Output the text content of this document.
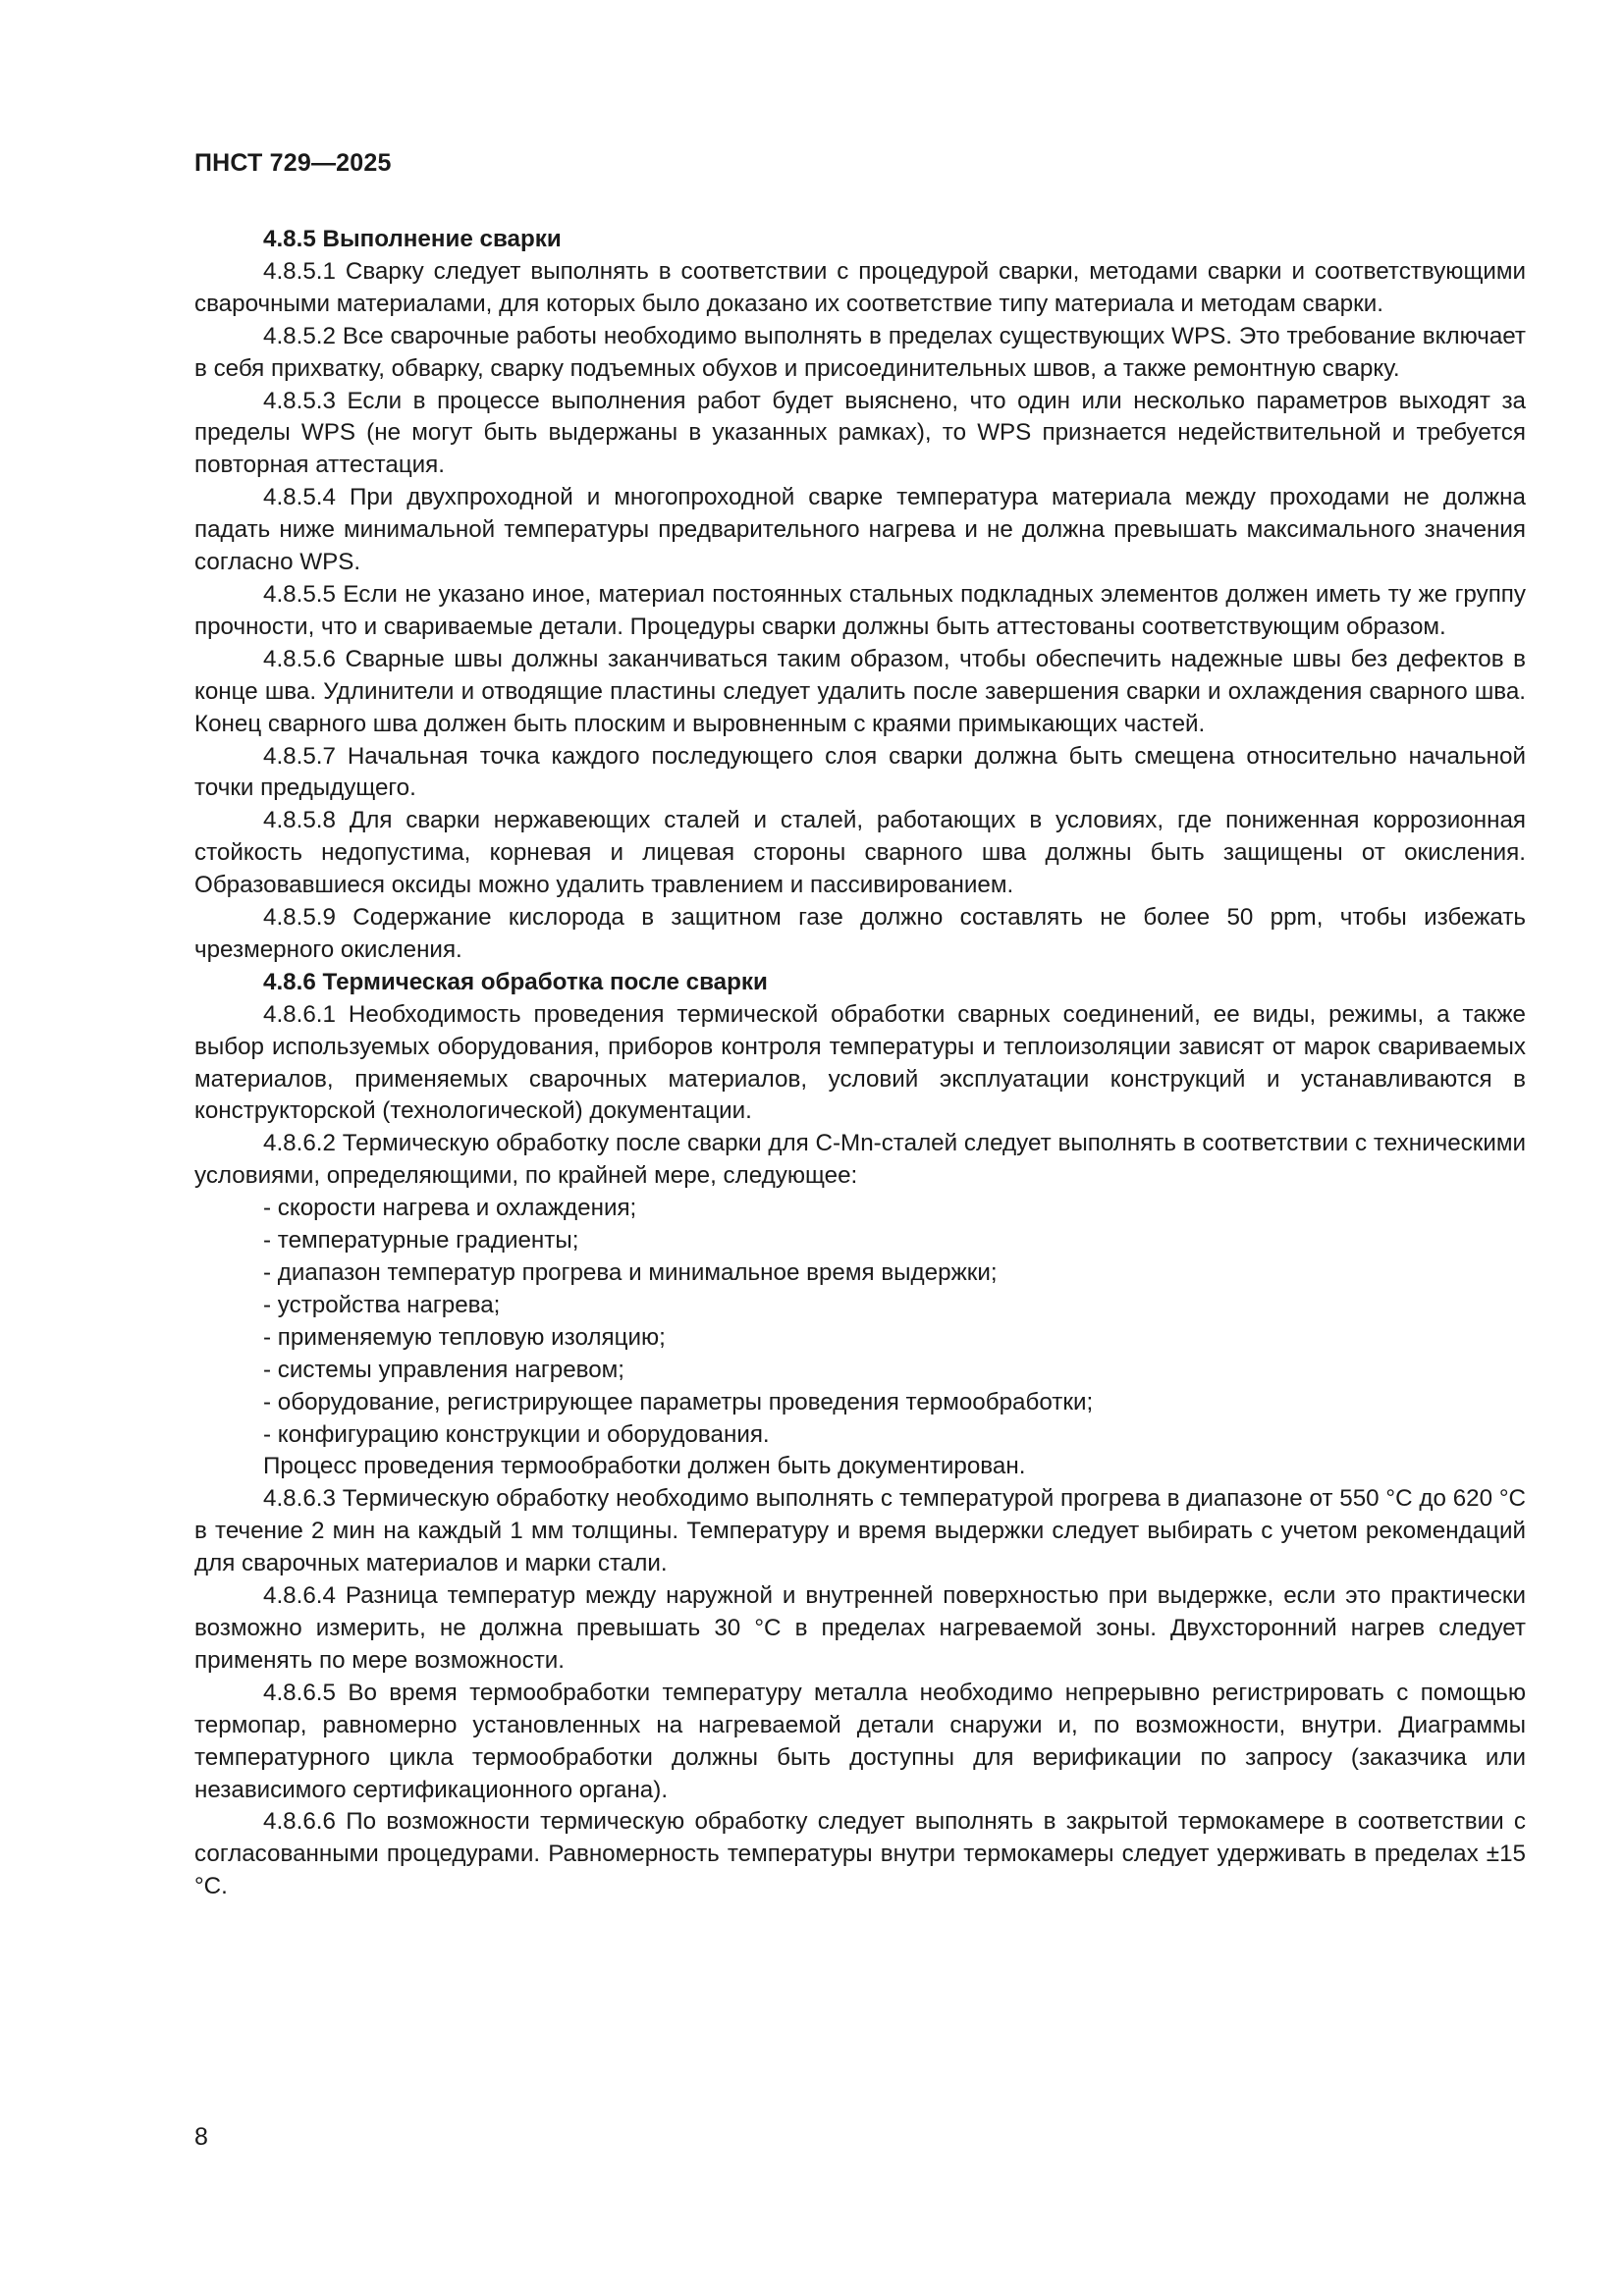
ПНСТ 729—2025

4.8.5 Выполнение сварки

4.8.5.1 Сварку следует выполнять в соответствии с процедурой сварки, методами сварки и соответствующими сварочными материалами, для которых было доказано их соответствие типу материала и методам сварки.

4.8.5.2 Все сварочные работы необходимо выполнять в пределах существующих WPS. Это требование включает в себя прихватку, обварку, сварку подъемных обухов и присоединительных швов, а также ремонтную сварку.

4.8.5.3 Если в процессе выполнения работ будет выяснено, что один или несколько параметров выходят за пределы WPS (не могут быть выдержаны в указанных рамках), то WPS признается недействительной и требуется повторная аттестация.

4.8.5.4 При двухпроходной и многопроходной сварке температура материала между проходами не должна падать ниже минимальной температуры предварительного нагрева и не должна превышать максимального значения согласно WPS.

4.8.5.5 Если не указано иное, материал постоянных стальных подкладных элементов должен иметь ту же группу прочности, что и свариваемые детали. Процедуры сварки должны быть аттестованы соответствующим образом.

4.8.5.6 Сварные швы должны заканчиваться таким образом, чтобы обеспечить надежные швы без дефектов в конце шва. Удлинители и отводящие пластины следует удалить после завершения сварки и охлаждения сварного шва. Конец сварного шва должен быть плоским и выровненным с краями примыкающих частей.

4.8.5.7 Начальная точка каждого последующего слоя сварки должна быть смещена относительно начальной точки предыдущего.

4.8.5.8 Для сварки нержавеющих сталей и сталей, работающих в условиях, где пониженная коррозионная стойкость недопустима, корневая и лицевая стороны сварного шва должны быть защищены от окисления. Образовавшиеся оксиды можно удалить травлением и пассивированием.

4.8.5.9 Содержание кислорода в защитном газе должно составлять не более 50 ppm, чтобы избежать чрезмерного окисления.

4.8.6 Термическая обработка после сварки

4.8.6.1 Необходимость проведения термической обработки сварных соединений, ее виды, режимы, а также выбор используемых оборудования, приборов контроля температуры и теплоизоляции зависят от марок свариваемых материалов, применяемых сварочных материалов, условий эксплуатации конструкций и устанавливаются в конструкторской (технологической) документации.

4.8.6.2 Термическую обработку после сварки для C-Mn-сталей следует выполнять в соответствии с техническими условиями, определяющими, по крайней мере, следующее:

- скорости нагрева и охлаждения;

- температурные градиенты;

- диапазон температур прогрева и минимальное время выдержки;

- устройства нагрева;

- применяемую тепловую изоляцию;

- системы управления нагревом;

- оборудование, регистрирующее параметры проведения термообработки;

- конфигурацию конструкции и оборудования.

Процесс проведения термообработки должен быть документирован.

4.8.6.3 Термическую обработку необходимо выполнять с температурой прогрева в диапазоне от 550 °C до 620 °C в течение 2 мин на каждый 1 мм толщины. Температуру и время выдержки следует выбирать с учетом рекомендаций для сварочных материалов и марки стали.

4.8.6.4 Разница температур между наружной и внутренней поверхностью при выдержке, если это практически возможно измерить, не должна превышать 30 °C в пределах нагреваемой зоны. Двухсторонний нагрев следует применять по мере возможности.

4.8.6.5 Во время термообработки температуру металла необходимо непрерывно регистрировать с помощью термопар, равномерно установленных на нагреваемой детали снаружи и, по возможности, внутри. Диаграммы температурного цикла термообработки должны быть доступны для верификации по запросу (заказчика или независимого сертификационного органа).

4.8.6.6 По возможности термическую обработку следует выполнять в закрытой термокамере в соответствии с согласованными процедурами. Равномерность температуры внутри термокамеры следует удерживать в пределах ±15 °C.

8
